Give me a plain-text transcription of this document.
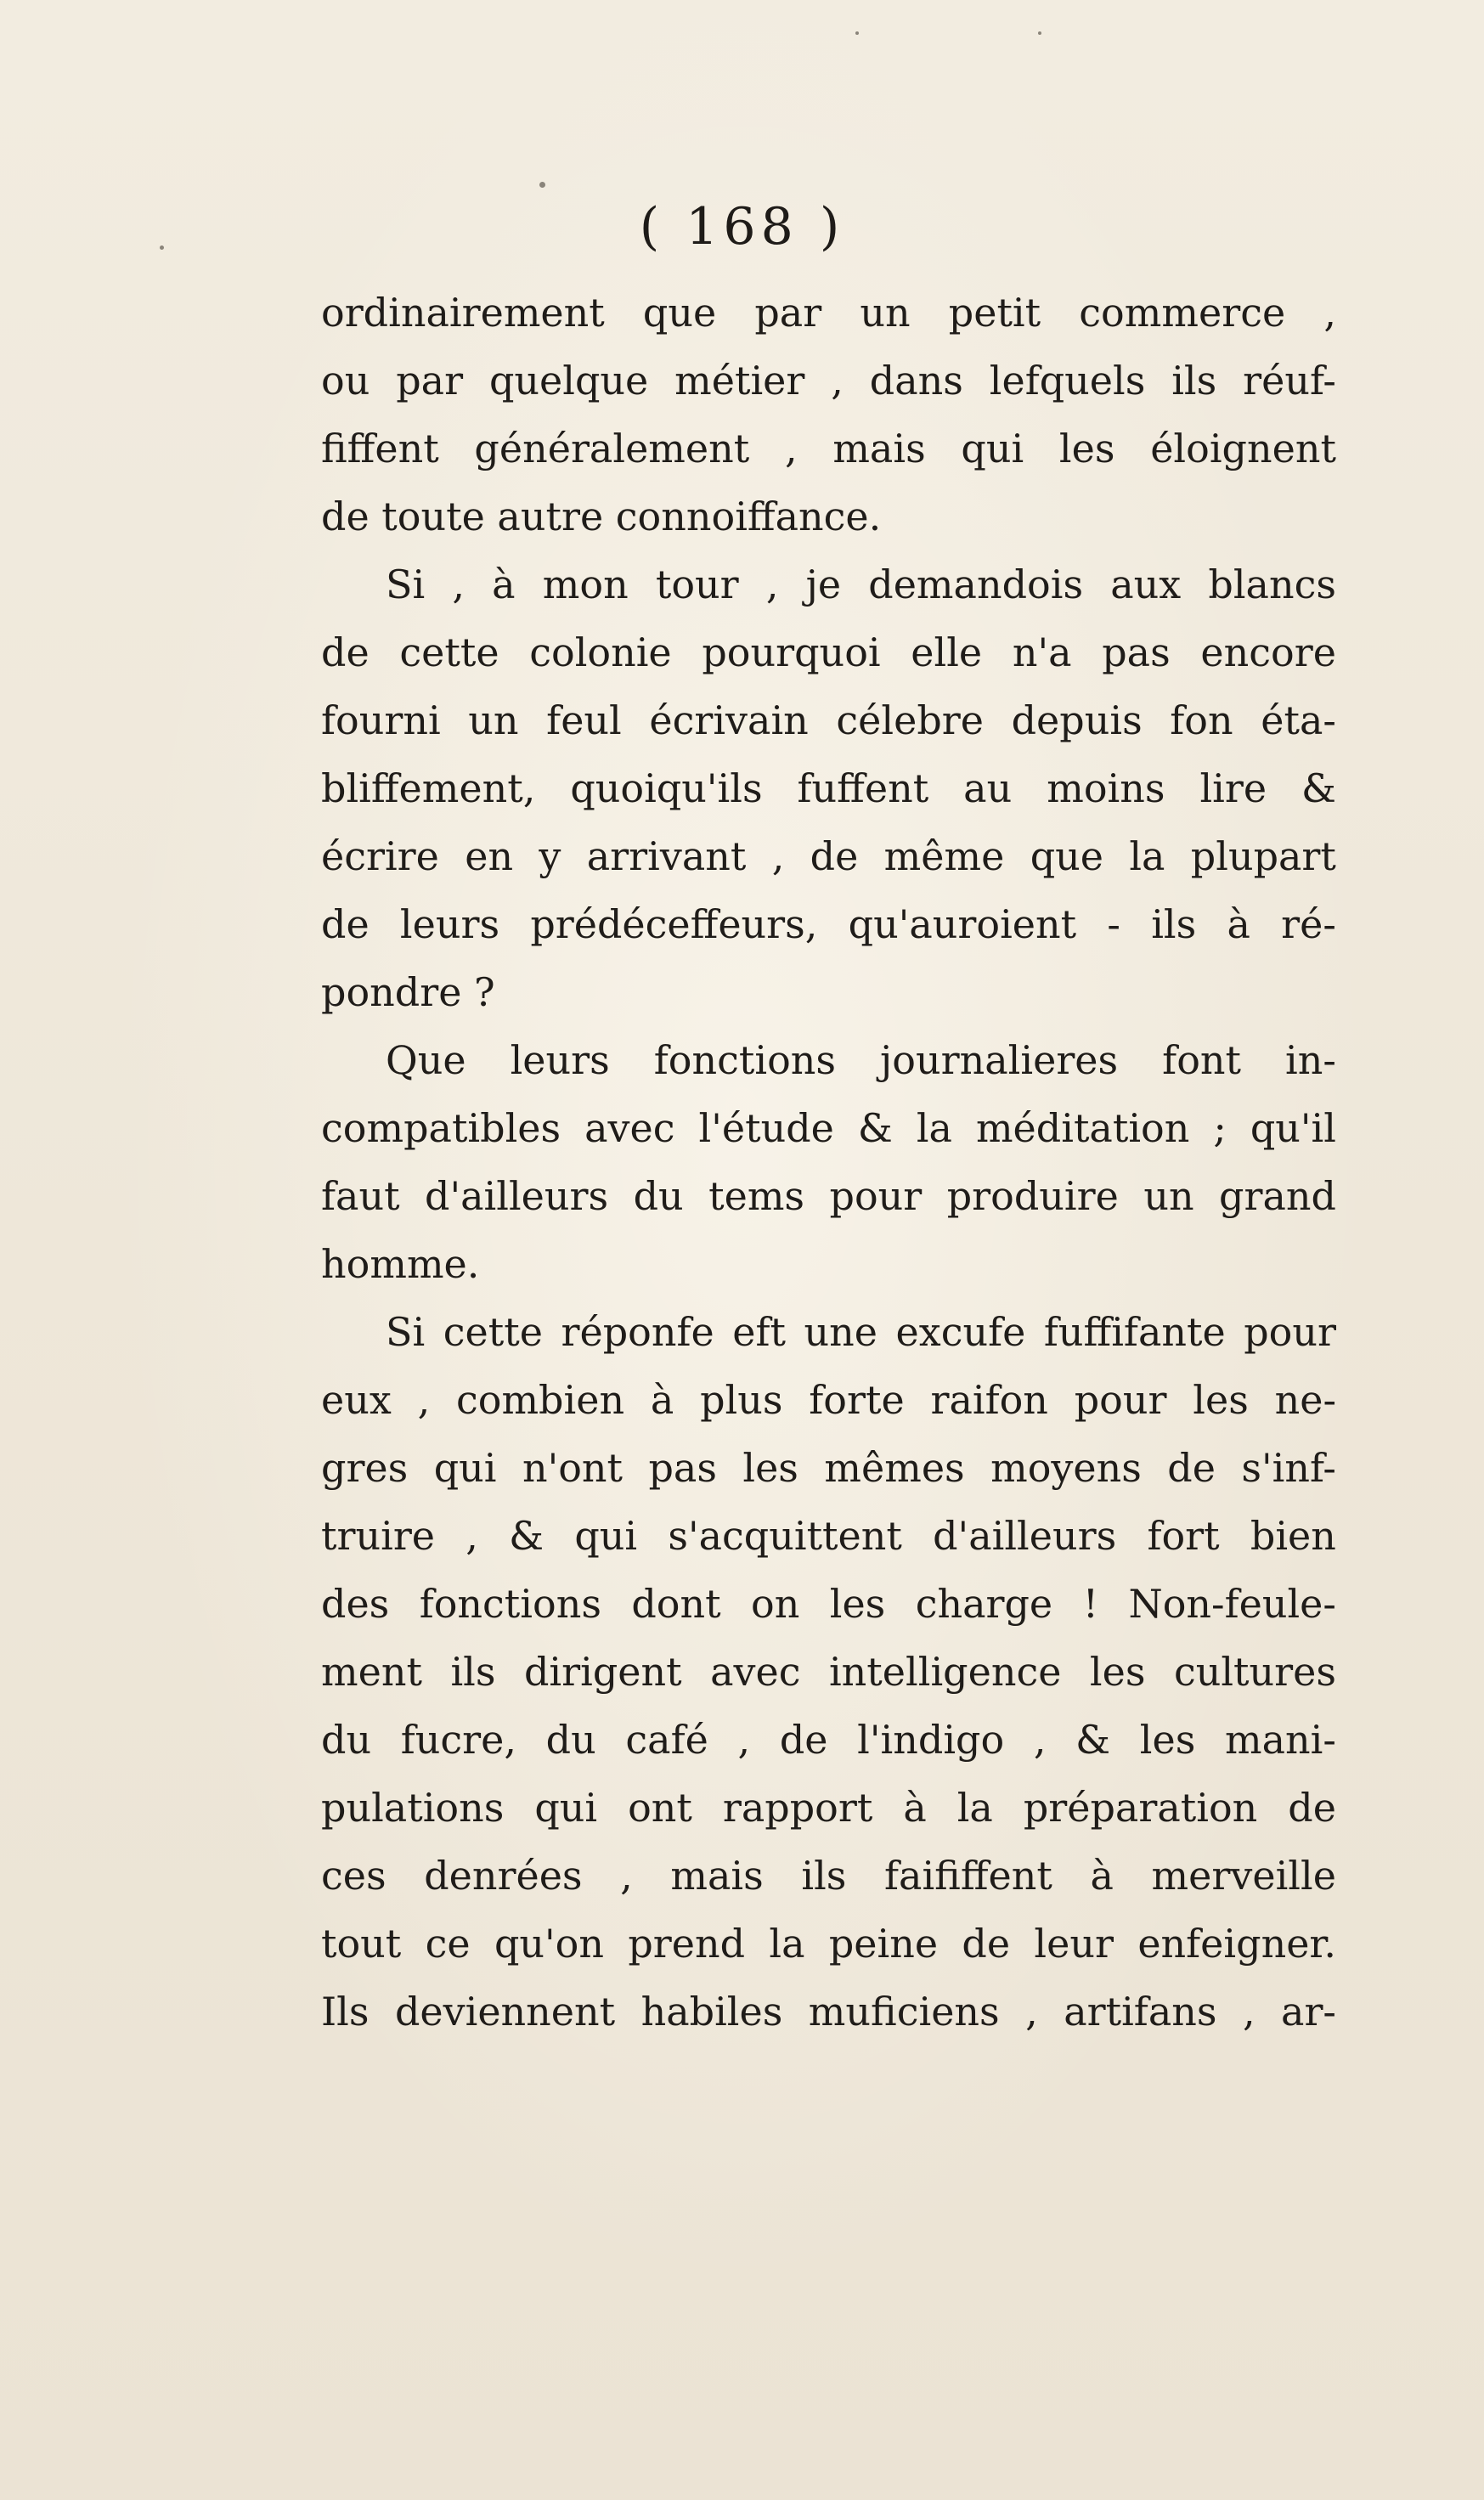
( 168 )
ordinairement que par un petit commerce ,
ou par quelque métier , dans lefquels ils réuf-
fiffent généralement , mais qui les éloignent
de toute autre connoiffance.
Si , à mon tour , je demandois aux blancs
de cette colonie pourquoi elle n'a pas encore
fourni un feul écrivain célebre depuis fon éta-
bliffement, quoiqu'ils fuffent au moins lire &
écrire en y arrivant , de même que la plupart
de leurs prédéceffeurs, qu'auroient - ils à ré-
pondre ?
Que leurs fonctions journalieres font in-
compatibles avec l'étude & la méditation ; qu'il
faut d'ailleurs du tems pour produire un grand
homme.
Si cette réponfe eft une excufe fuffifante pour
eux , combien à plus forte raifon pour les ne-
gres qui n'ont pas les mêmes moyens de s'inf-
truire , & qui s'acquittent d'ailleurs fort bien
des fonctions dont on les charge ! Non-feule-
ment ils dirigent avec intelligence les cultures
du fucre, du café , de l'indigo , & les mani-
pulations qui ont rapport à la préparation de
ces denrées , mais ils faififfent à merveille
tout ce qu'on prend la peine de leur enfeigner.
Ils deviennent habiles muficiens , artifans , ar-
